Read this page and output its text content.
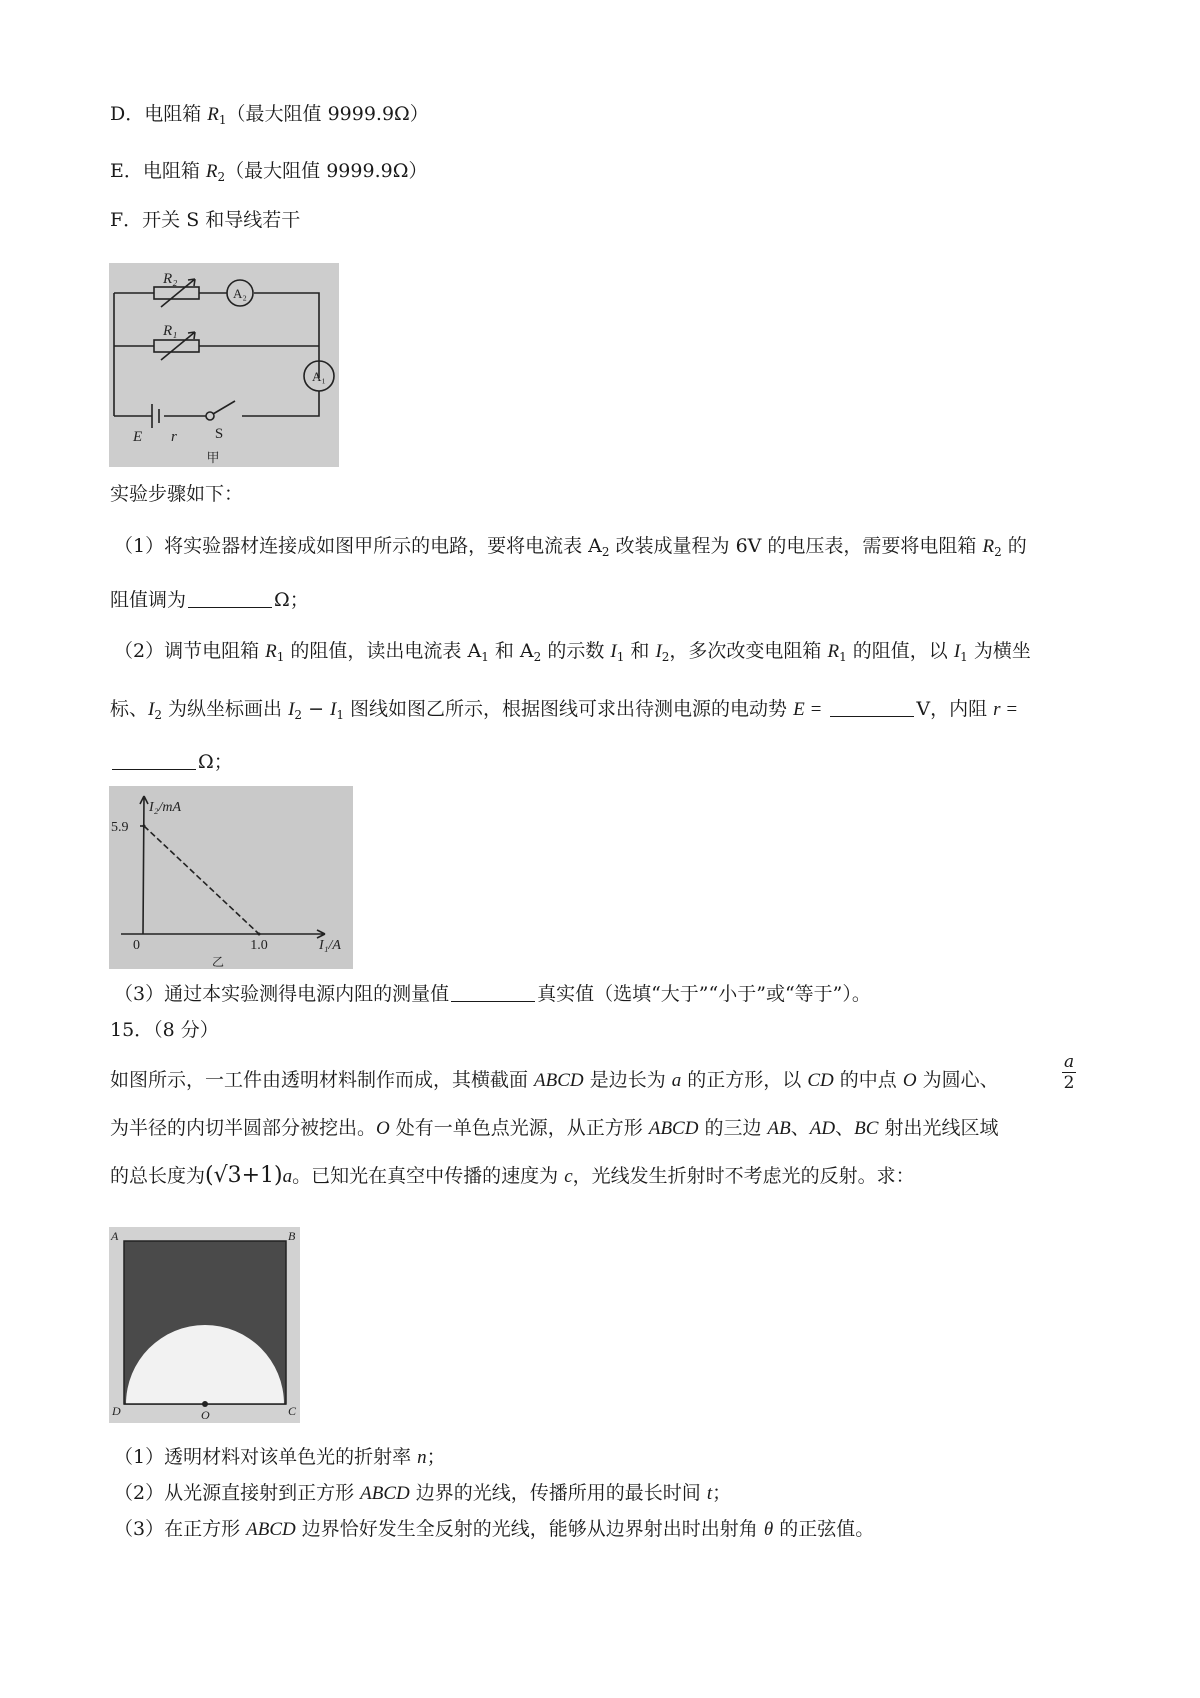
D．电阻箱 $R_1$（最大阻值 9999.9Ω）
E．电阻箱 $R_2$（最大阻值 9999.9Ω）
F．开关 S 和导线若干
R₂
R₁
E r
A₂
A₁
S
甲
实验步骤如下：
（1）将实验器材连接成如图甲所示的电路，要将电流表 $A_2$ 改装成量程为 6V 的电压表，需要将电阻箱 $R_2$ 的
阻值调为	Ω；
（2）调节电阻箱 $R_1$ 的阻值，读出电流表 $A_1$ 和 $A_2$ 的示数 $I_1$ 和 $I_2$，多次改变电阻箱 $R_1$ 的阻值，以 $I_1$ 为横坐
标、$I_2$ 为纵坐标画出 $I_2 - I_1$ 图线如图乙所示，根据图线可求出待测电源的电动势 E =	V，内阻 r =
Ω；
I₂/mA
5.9
0	1.0	I₁/A
乙
（3）通过本实验测得电源内阻的测量值	真实值（选填“大于”“小于”或“等于”）。
15．（8 分）
如图所示，一工件由透明材料制作而成，其横截面 ABCD 是边长为 a 的正方形，以 CD 的中点 O 为圆心、	$\frac{a}{2}$
为半径的内切半圆部分被挖出。O 处有一单色点光源，从正方形 ABCD 的三边 AB、AD、BC 射出光线区域
的总长度为(√3+1)a。已知光在真空中传播的速度为 c，光线发生折射时不考虑光的反射。求：
A	B
C
D	O
（1）透明材料对该单色光的折射率 n；
（2）从光源直接射到正方形 ABCD 边界的光线，传播所用的最长时间 t；
（3）在正方形 ABCD 边界恰好发生全反射的光线，能够从边界射出时出射角 θ 的正弦值。
